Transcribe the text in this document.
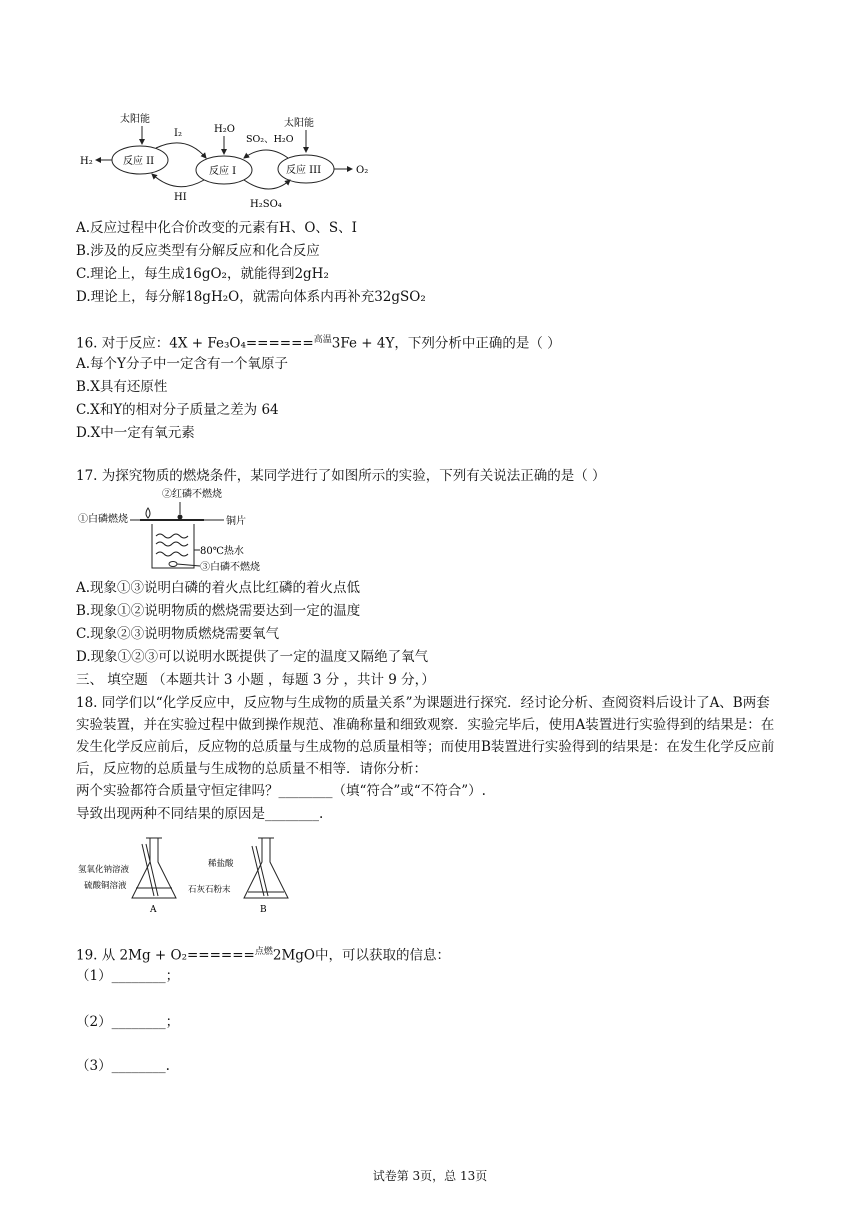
太阳能	太阳能
反应 II
反应 I	反应 III
H₂
O₂
I₂	H₂O
SO₂、H₂O
HI
H₂SO₄
A.反应过程中化合价改变的元素有H、O、S、I
B.涉及的反应类型有分解反应和化合反应
C.理论上，每生成16gO₂，就能得到2gH₂
D.理论上，每分解18gH₂O，就需向体系内再补充32gSO₂
16. 对于反应：4X + Fe₃O₄======$^{高温}$3Fe + 4Y，下列分析中正确的是（ ）
A.每个Y分子中一定含有一个氧原子
B.X具有还原性
C.X和Y的相对分子质量之差为 64
D.X中一定有氧元素
17. 为探究物质的燃烧条件，某同学进行了如图所示的实验，下列有关说法正确的是（ ）
②红磷不燃烧
①白磷燃烧	铜片
80℃热水
③白磷不燃烧
A.现象①③说明白磷的着火点比红磷的着火点低
B.现象①②说明物质的燃烧需要达到一定的温度
C.现象②③说明物质燃烧需要氧气
D.现象①②③可以说明水既提供了一定的温度又隔绝了氧气
三、 填空题 （本题共计 3 小题 ，每题 3 分 ，共计 9 分，）
18. 同学们以“化学反应中，反应物与生成物的质量关系”为课题进行探究．经讨论分析、查阅资料后设计了A、B两套实验装置，并在实验过程中做到操作规范、准确称量和细致观察．实验完毕后，使用A装置进行实验得到的结果是：在发生化学反应前后，反应物的总质量与生成物的总质量相等；而使用B装置进行实验得到的结果是：在发生化学反应前后，反应物的总质量与生成物的总质量不相等．请你分析：
两个实验都符合质量守恒定律吗？________（填“符合”或“不符合”）.
导致出现两种不同结果的原因是________.
氢氧化钠溶液
硫酸铜溶液
A
稀盐酸
石灰石粉末
B
19. 从 2Mg + O₂======$^{点燃}$2MgO中，可以获取的信息：
（1）________；
（2）________；
（3）________.
试卷第 3页，总 13页
